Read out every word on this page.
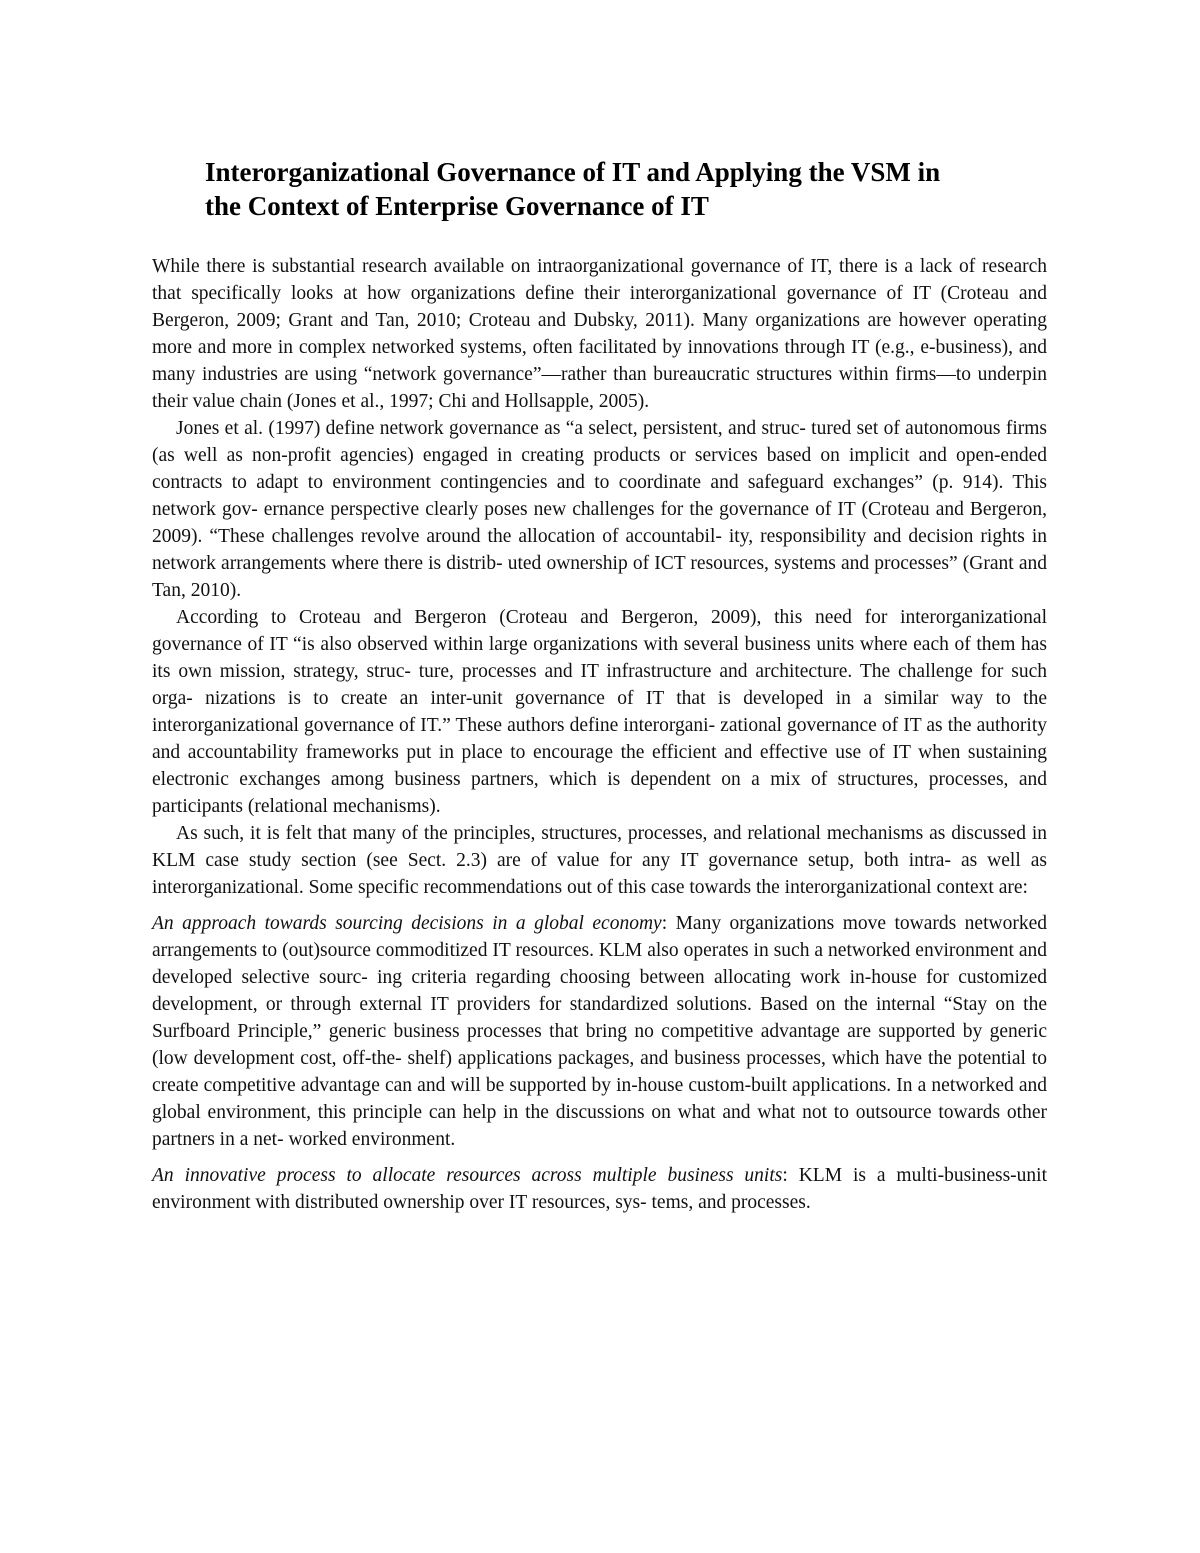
Interorganizational Governance of IT and Applying the VSM in
the Context of Enterprise Governance of IT

While there is substantial research available on intraorganizational governance of IT, there is a lack of research that specifically looks at how organizations define their interorganizational governance of IT (Croteau and Bergeron, 2009; Grant and Tan, 2010; Croteau and Dubsky, 2011). Many organizations are however operating more and more in complex networked systems, often facilitated by innovations through IT (e.g., e-business), and many industries are using “network governance”—rather than bureaucratic structures within firms—to underpin their value chain (Jones et al., 1997; Chi and Hollsapple, 2005).

Jones et al. (1997) define network governance as “a select, persistent, and struc- tured set of autonomous firms (as well as non-profit agencies) engaged in creating products or services based on implicit and open-ended contracts to adapt to environment contingencies and to coordinate and safeguard exchanges” (p. 914). This network gov- ernance perspective clearly poses new challenges for the governance of IT (Croteau and Bergeron, 2009). “These challenges revolve around the allocation of accountabil- ity, responsibility and decision rights in network arrangements where there is distrib- uted ownership of ICT resources, systems and processes” (Grant and Tan, 2010).

According to Croteau and Bergeron (Croteau and Bergeron, 2009), this need for interorganizational governance of IT “is also observed within large organizations with several business units where each of them has its own mission, strategy, struc- ture, processes and IT infrastructure and architecture. The challenge for such orga- nizations is to create an inter-unit governance of IT that is developed in a similar way to the interorganizational governance of IT.” These authors define interorgani- zational governance of IT as the authority and accountability frameworks put in place to encourage the efficient and effective use of IT when sustaining electronic exchanges among business partners, which is dependent on a mix of structures, processes, and participants (relational mechanisms).

As such, it is felt that many of the principles, structures, processes, and relational mechanisms as discussed in KLM case study section (see Sect. 2.3) are of value for any IT governance setup, both intra- as well as interorganizational. Some specific recommendations out of this case towards the interorganizational context are:

An approach towards sourcing decisions in a global economy: Many organizations move towards networked arrangements to (out)source commoditized IT resources. KLM also operates in such a networked environment and developed selective sourc- ing criteria regarding choosing between allocating work in-house for customized development, or through external IT providers for standardized solutions. Based on the internal “Stay on the Surfboard Principle,” generic business processes that bring no competitive advantage are supported by generic (low development cost, off-the- shelf) applications packages, and business processes, which have the potential to create competitive advantage can and will be supported by in-house custom-built applications. In a networked and global environment, this principle can help in the discussions on what and what not to outsource towards other partners in a net- worked environment.

An innovative process to allocate resources across multiple business units: KLM is a multi-business-unit environment with distributed ownership over IT resources, sys- tems, and processes.
